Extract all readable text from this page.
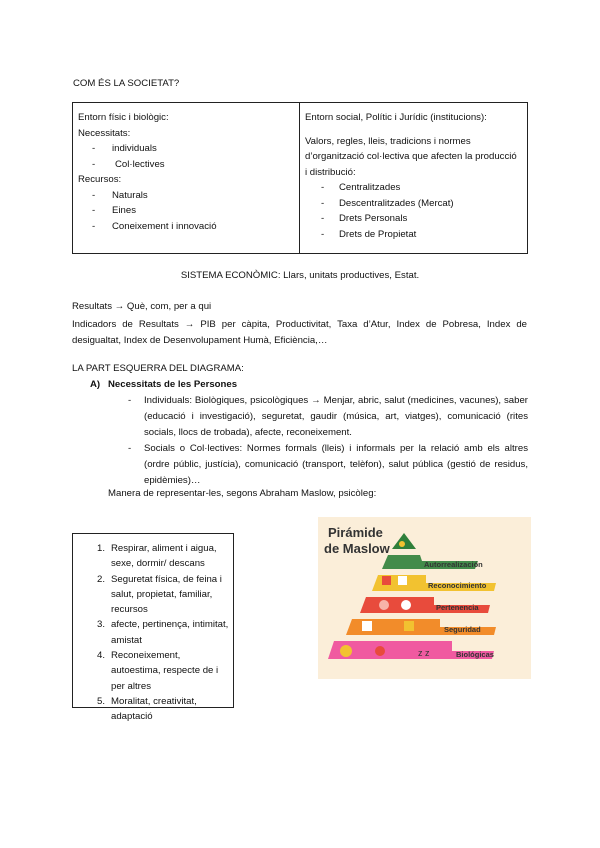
COM ÉS LA SOCIETAT?
Entorn físic i biològic:
Necessitats:
-	individuals
-	Col·lectives
Recursos:
-	Naturals
-	Eines
-	Coneixement i innovació
Entorn social, Polític i Jurídic (institucions):
Valors, regles, lleis, tradicions i normes d’organització col·lectiva que afecten la producció i distribució:
-	Centralitzades
-	Descentralitzades (Mercat)
-	Drets Personals
-	Drets de Propietat
SISTEMA ECONÒMIC: Llars, unitats productives, Estat.
Resultats → Què, com, per a qui
Indicadors de Resultats → PIB per càpita, Productivitat, Taxa d’Atur, Index de Pobresa, Index de desigualtat, Index de Desenvolupament Humà, Eficiència,…
LA PART ESQUERRA DEL DIAGRAMA:
A) Necessitats de les Persones
-	Individuals: Biològiques, psicològiques → Menjar, abric, salut (medicines, vacunes), saber (educació i investigació), seguretat, gaudir (música, art, viatges), comunicació (rites socials, llocs de trobada), afecte, reconeixement.
-	Socials o Col·lectives: Normes formals (lleis) i informals per la relació amb els altres (ordre públic, justícia), comunicació (transport, telèfon), salut pública (gestió de residus, epidèmies)…
Manera de representar-les, segons Abraham Maslow, psicòleg:
1. Respirar, aliment i aigua, sexe, dormir/ descans
2. Seguretat física, de feina i salut, propietat, familiar, recursos
3. afecte, pertinença, intimitat, amistat
4. Reconeixement, autoestima, respecte de i per altres
5. Moralitat, creativitat, adaptació
Pirámide
de Maslow
z z
Autorrealización
Reconocimiento
Pertenencia
Seguridad
Biológicas
